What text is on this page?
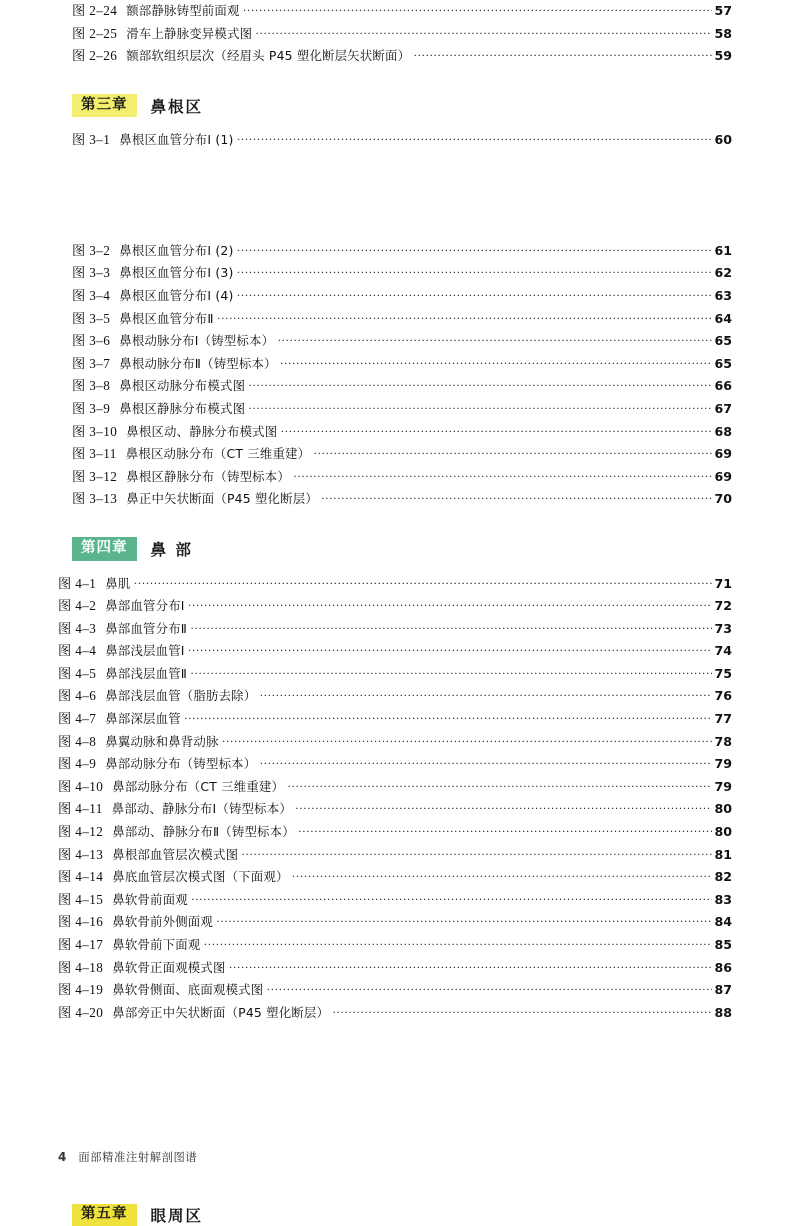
图 2–24 额部静脉铸型前面观 ·····	57
图 2–25 滑车上静脉变异模式图 ·····	58
图 2–26 额部软组织层次（经眉头 P45 塑化断层矢状断面） ·····	59
第三章	鼻根区
图 3–1 鼻根区血管分布Ⅰ (1) ·····	60
图 3–2 鼻根区血管分布Ⅰ (2) ·····	61
图 3–3 鼻根区血管分布Ⅰ (3) ·····	62
图 3–4 鼻根区血管分布Ⅰ (4) ·····	63
图 3–5 鼻根区血管分布Ⅱ ·····	64
图 3–6 鼻根动脉分布Ⅰ（铸型标本） ·····	65
图 3–7 鼻根动脉分布Ⅱ（铸型标本） ·····	65
图 3–8 鼻根区动脉分布模式图 ·····	66
图 3–9 鼻根区静脉分布模式图 ·····	67
图 3–10 鼻根区动、静脉分布模式图 ·····	68
图 3–11 鼻根区动脉分布（CT 三维重建） ·····	69
图 3–12 鼻根区静脉分布（铸型标本） ·····	69
图 3–13 鼻正中矢状断面（P45 塑化断层） ·····	70
第四章	鼻 部
图 4–1 鼻肌 ·····	71
图 4–2 鼻部血管分布Ⅰ ·····	72
图 4–3 鼻部血管分布Ⅱ ·····	73
图 4–4 鼻部浅层血管Ⅰ ·····	74
图 4–5 鼻部浅层血管Ⅱ ·····	75
图 4–6 鼻部浅层血管（脂肪去除） ·····	76
图 4–7 鼻部深层血管 ·····	77
图 4–8 鼻翼动脉和鼻背动脉 ·····	78
图 4–9 鼻部动脉分布（铸型标本） ·····	79
图 4–10 鼻部动脉分布（CT 三维重建） ·····	79
图 4–11 鼻部动、静脉分布Ⅰ（铸型标本） ·····	80
图 4–12 鼻部动、静脉分布Ⅱ（铸型标本） ·····	80
图 4–13 鼻根部血管层次模式图 ·····	81
图 4–14 鼻底血管层次模式图（下面观） ·····	82
图 4–15 鼻软骨前面观 ·····	83
图 4–16 鼻软骨前外侧面观 ·····	84
图 4–17 鼻软骨前下面观 ·····	85
图 4–18 鼻软骨正面观模式图 ·····	86
图 4–19 鼻软骨侧面、底面观模式图 ·····	87
图 4–20 鼻部旁正中矢状断面（P45 塑化断层） ·····	88
4 面部精准注射解剖图谱
第五章	眼周区
